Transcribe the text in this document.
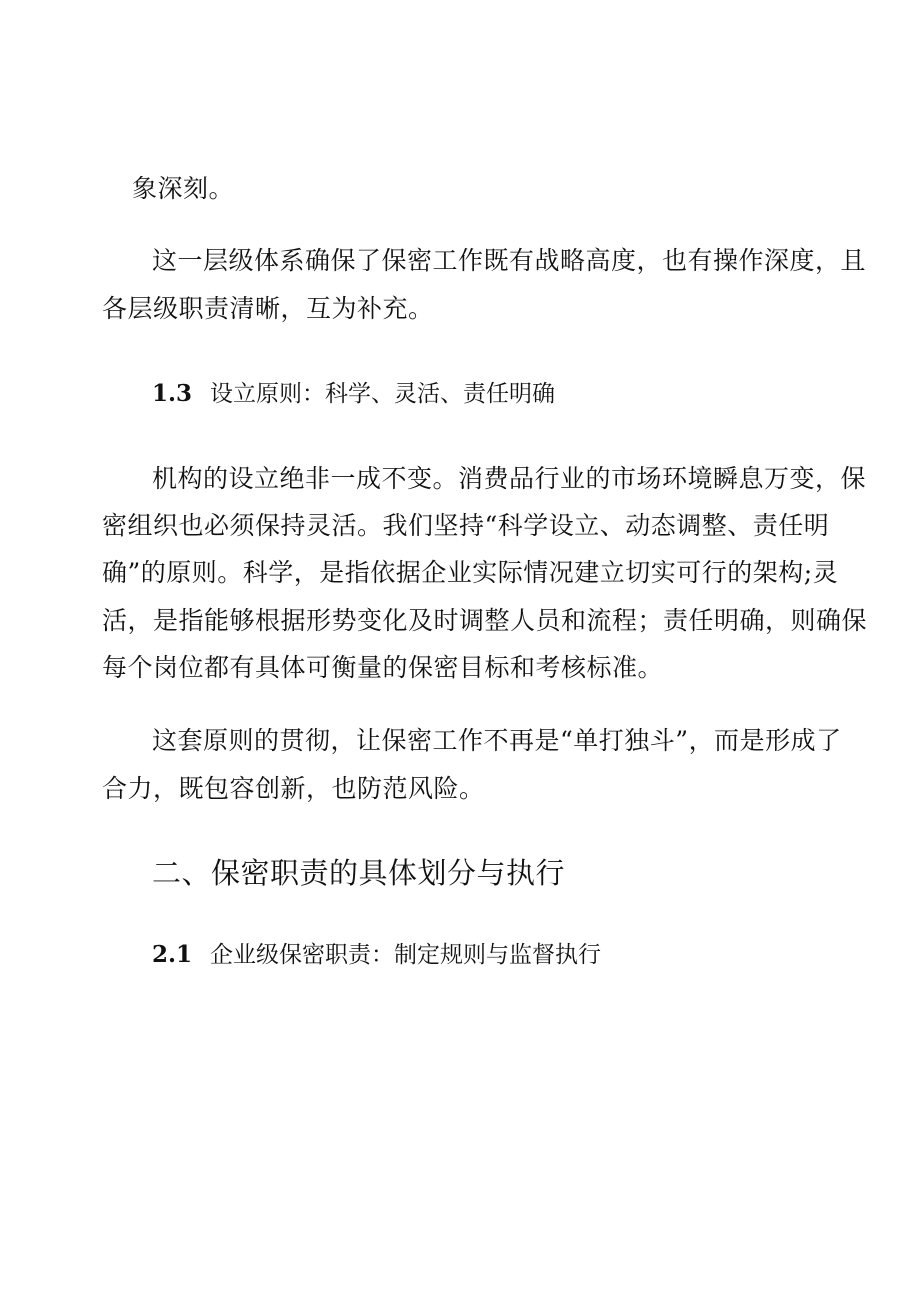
象深刻。
这一层级体系确保了保密工作既有战略高度，也有操作深度，且
各层级职责清晰，互为补充。
1.3 设立原则：科学、灵活、责任明确
机构的设立绝非一成不变。消费品行业的市场环境瞬息万变，保
密组织也必须保持灵活。我们坚持“科学设立、动态调整、责任明
确”的原则。科学，是指依据企业实际情况建立切实可行的架构;灵
活，是指能够根据形势变化及时调整人员和流程；责任明确，则确保
每个岗位都有具体可衡量的保密目标和考核标准。
这套原则的贯彻，让保密工作不再是“单打独斗”，而是形成了
合力，既包容创新，也防范风险。
二、保密职责的具体划分与执行
2.1 企业级保密职责：制定规则与监督执行
